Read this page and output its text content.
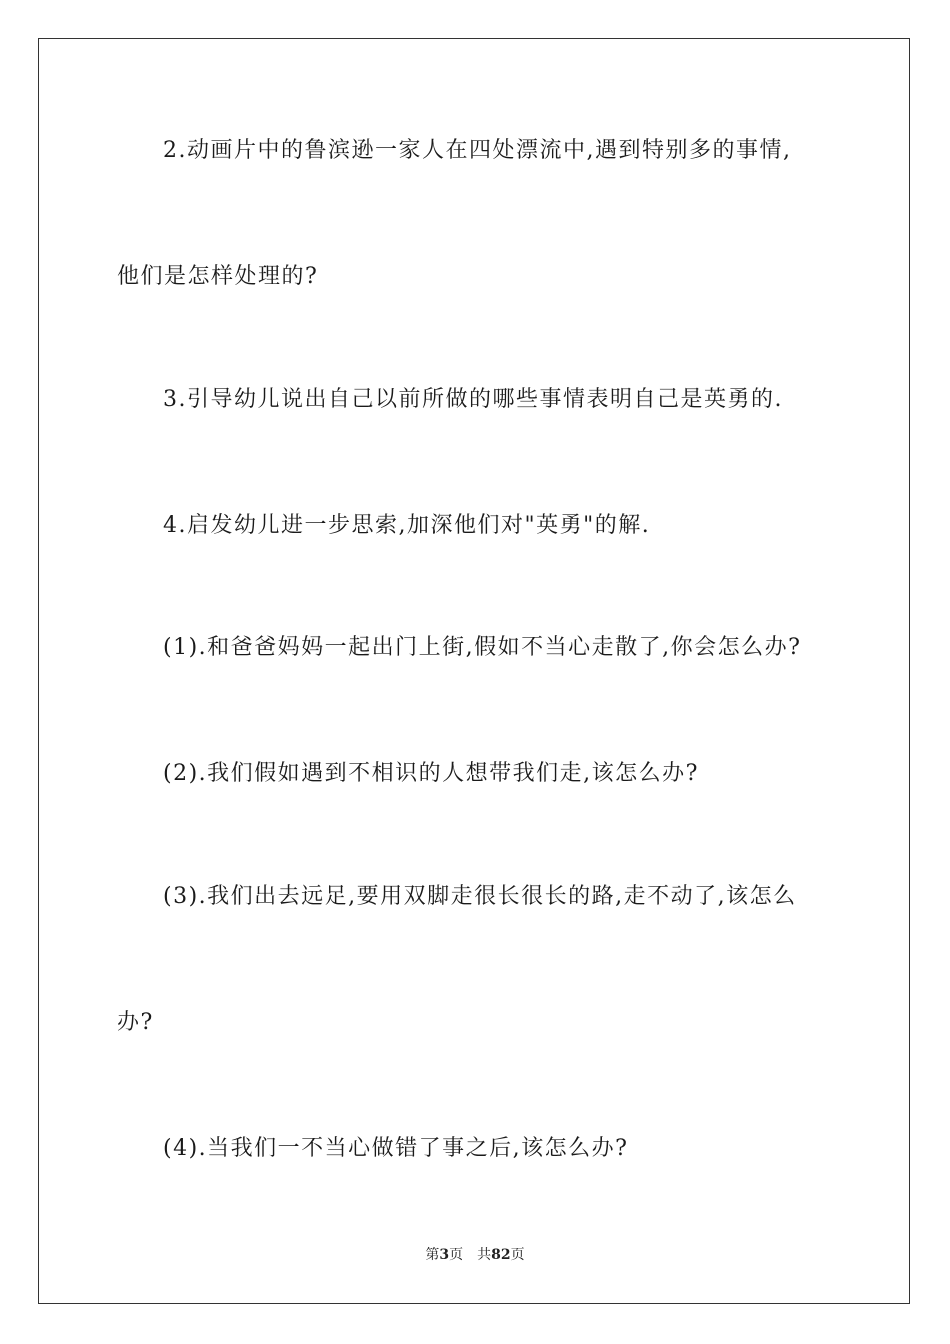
2.动画片中的鲁滨逊一家人在四处漂流中,遇到特别多的事情,
他们是怎样处理的?
3.引导幼儿说出自己以前所做的哪些事情表明自己是英勇的.
4.启发幼儿进一步思索,加深他们对"英勇"的解.
(1).和爸爸妈妈一起出门上街,假如不当心走散了,你会怎么办?
(2).我们假如遇到不相识的人想带我们走,该怎么办?
(3).我们出去远足,要用双脚走很长很长的路,走不动了,该怎么
办?
(4).当我们一不当心做错了事之后,该怎么办?
第3页 共82页
